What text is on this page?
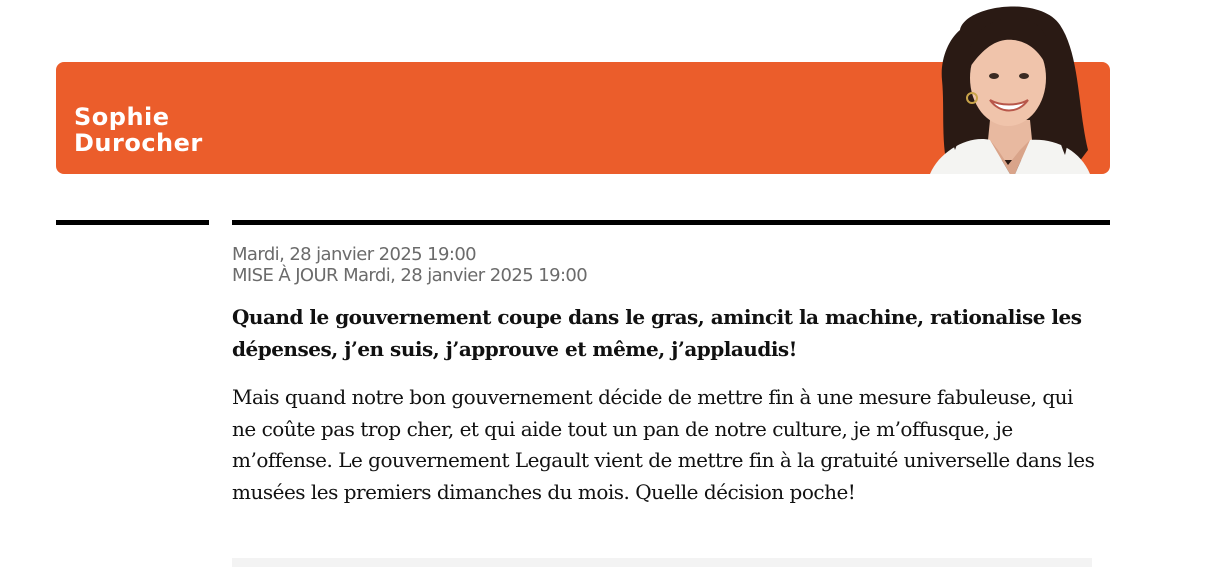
Sophie
Durocher
Mardi, 28 janvier 2025 19:00
MISE À JOUR Mardi, 28 janvier 2025 19:00

Quand le gouvernement coupe dans le gras, amincit la machine, rationalise les dépenses, j’en suis, j’approuve et même, j’applaudis!

Mais quand notre bon gouvernement décide de mettre fin à une mesure fabuleuse, qui ne coûte pas trop cher, et qui aide tout un pan de notre culture, je m’offusque, je m’offense. Le gouvernement Legault vient de mettre fin à la gratuité universelle dans les musées les premiers dimanches du mois. Quelle décision poche!
